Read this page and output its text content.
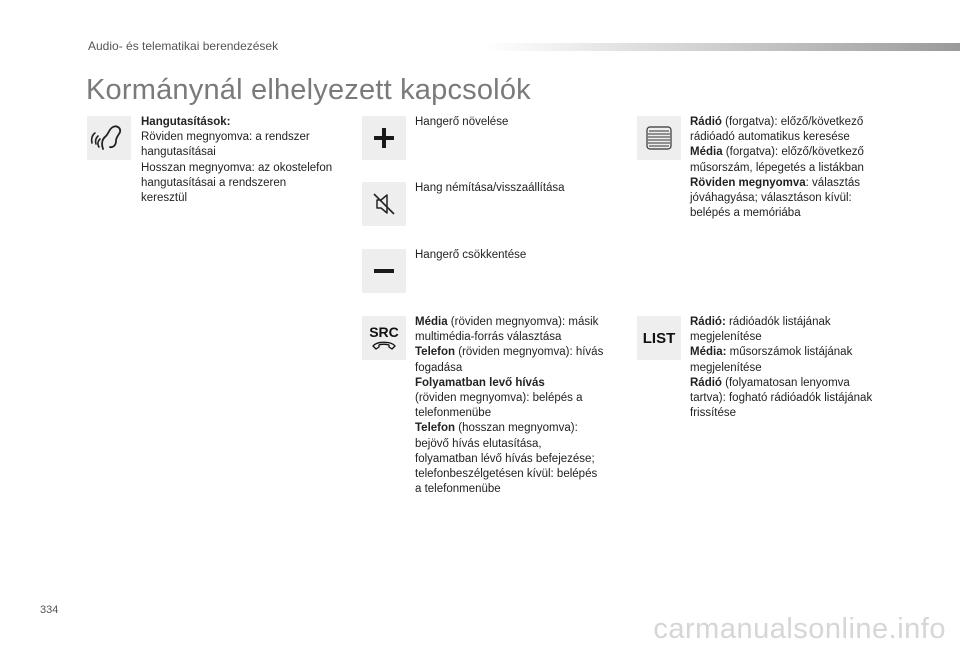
Audio- és telematikai berendezések
Kormánynál elhelyezett kapcsolók
Hangutasítások:
Röviden megnyomva: a rendszer
hangutasításai
Hosszan megnyomva: az okostelefon
hangutasításai a rendszeren
keresztül
Hangerő növelése
Hang némítása/visszaállítása
Hangerő csökkentése
SRC
Média (röviden megnyomva): másik
multimédia-forrás választása
Telefon (röviden megnyomva): hívás
fogadása
Folyamatban levő hívás
(röviden megnyomva): belépés a
telefonmenübe
Telefon (hosszan megnyomva):
bejövő hívás elutasítása,
folyamatban lévő hívás befejezése;
telefonbeszélgetésen kívül: belépés
a telefonmenübe
Rádió (forgatva): előző/következő
rádióadó automatikus keresése
Média (forgatva): előző/következő
műsorszám, lépegetés a listákban
Röviden megnyomva: választás
jóváhagyása; választáson kívül:
belépés a memóriába
LIST
Rádió: rádióadók listájának
megjelenítése
Média: műsorszámok listájának
megjelenítése
Rádió (folyamatosan lenyomva
tartva): fogható rádióadók listájának
frissítése
334
carmanualsonline.info
